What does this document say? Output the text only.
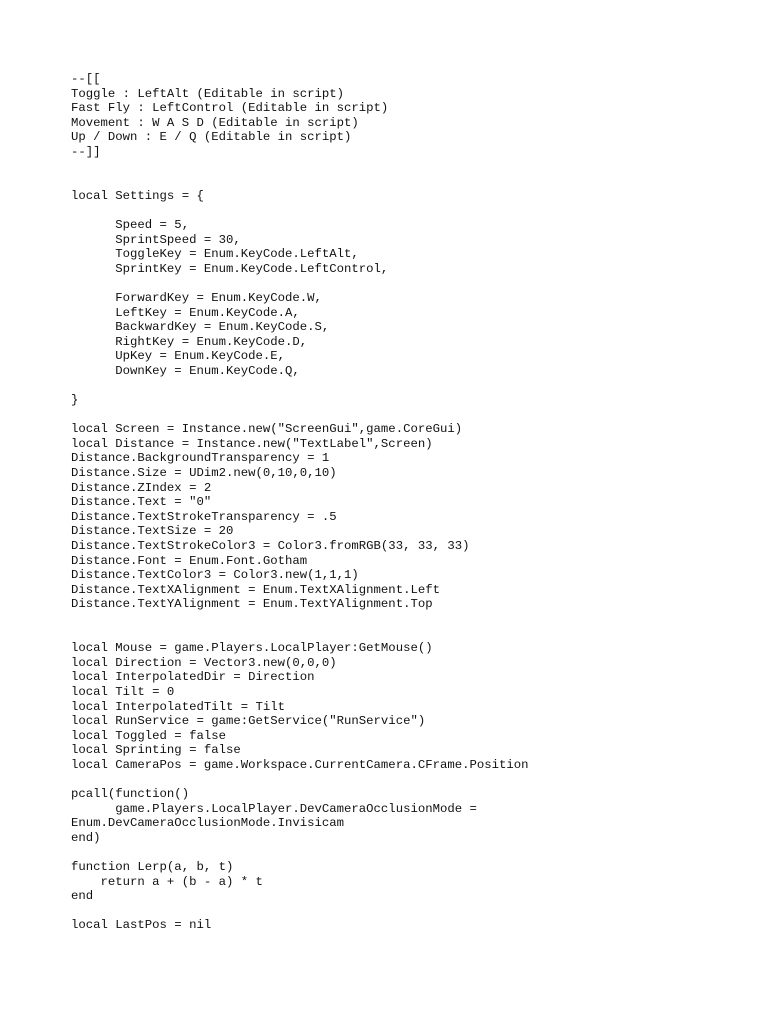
--[[
Toggle : LeftAlt (Editable in script)
Fast Fly : LeftControl (Editable in script)
Movement : W A S D (Editable in script)
Up / Down : E / Q (Editable in script)
--]]
local Settings = {
Speed = 5,
SprintSpeed = 30,
ToggleKey = Enum.KeyCode.LeftAlt,
SprintKey = Enum.KeyCode.LeftControl,
ForwardKey = Enum.KeyCode.W,
LeftKey = Enum.KeyCode.A,
BackwardKey = Enum.KeyCode.S,
RightKey = Enum.KeyCode.D,
UpKey = Enum.KeyCode.E,
DownKey = Enum.KeyCode.Q,
}
local Screen = Instance.new("ScreenGui",game.CoreGui)
local Distance = Instance.new("TextLabel",Screen)
Distance.BackgroundTransparency = 1
Distance.Size = UDim2.new(0,10,0,10)
Distance.ZIndex = 2
Distance.Text = "0"
Distance.TextStrokeTransparency = .5
Distance.TextSize = 20
Distance.TextStrokeColor3 = Color3.fromRGB(33, 33, 33)
Distance.Font = Enum.Font.Gotham
Distance.TextColor3 = Color3.new(1,1,1)
Distance.TextXAlignment = Enum.TextXAlignment.Left
Distance.TextYAlignment = Enum.TextYAlignment.Top
local Mouse = game.Players.LocalPlayer:GetMouse()
local Direction = Vector3.new(0,0,0)
local InterpolatedDir = Direction
local Tilt = 0
local InterpolatedTilt = Tilt
local RunService = game:GetService("RunService")
local Toggled = false
local Sprinting = false
local CameraPos = game.Workspace.CurrentCamera.CFrame.Position
pcall(function()
game.Players.LocalPlayer.DevCameraOcclusionMode =
Enum.DevCameraOcclusionMode.Invisicam
end)
function Lerp(a, b, t)
return a + (b - a) * t
end
local LastPos = nil
